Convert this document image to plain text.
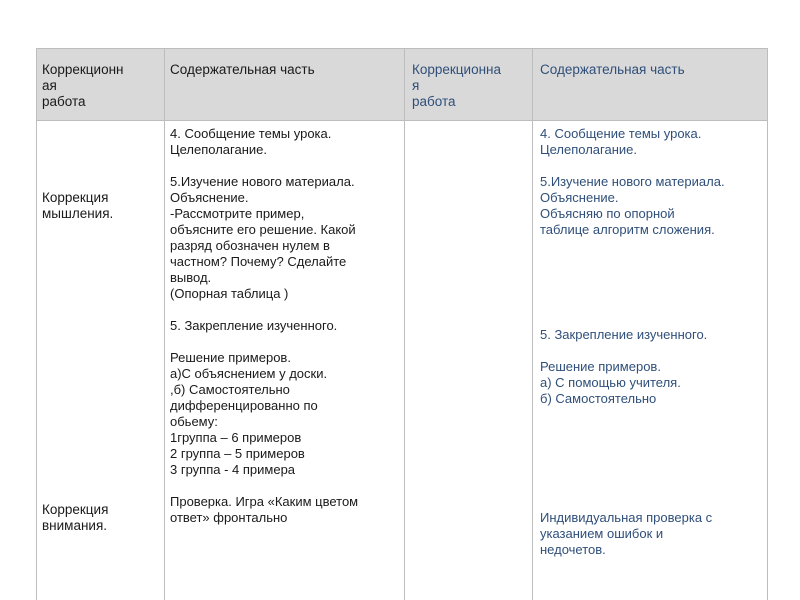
Коррекционн
ая
работа
Содержательная часть	Коррекционна
я
работа
Содержательная часть
Коррекция
мышления.
Коррекция
внимания.
4. Сообщение темы урока.
Целеполагание.

5.Изучение нового материала.
Объяснение.
-Рассмотрите пример,
объясните его решение. Какой
разряд обозначен нулем в
частном? Почему? Сделайте
вывод.
(Опорная таблица )

5. Закрепление изученного.

Решение примеров.
а)С объяснением у доски.
,б) Самостоятельно
дифференцированно по
обьему:
1группа – 6 примеров
2 группа – 5 примеров
3 группа - 4 примера

Проверка. Игра «Каким цветом
ответ» фронтально
4. Сообщение темы урока.
Целеполагание.

5.Изучение нового материала.
Объяснение.
Объясняю по опорной
таблице алгоритм сложения.
5. Закрепление изученного.

Решение примеров.
а) С помощью учителя.
б) Самостоятельно
Индивидуальная проверка с
указанием ошибок и
недочетов.
